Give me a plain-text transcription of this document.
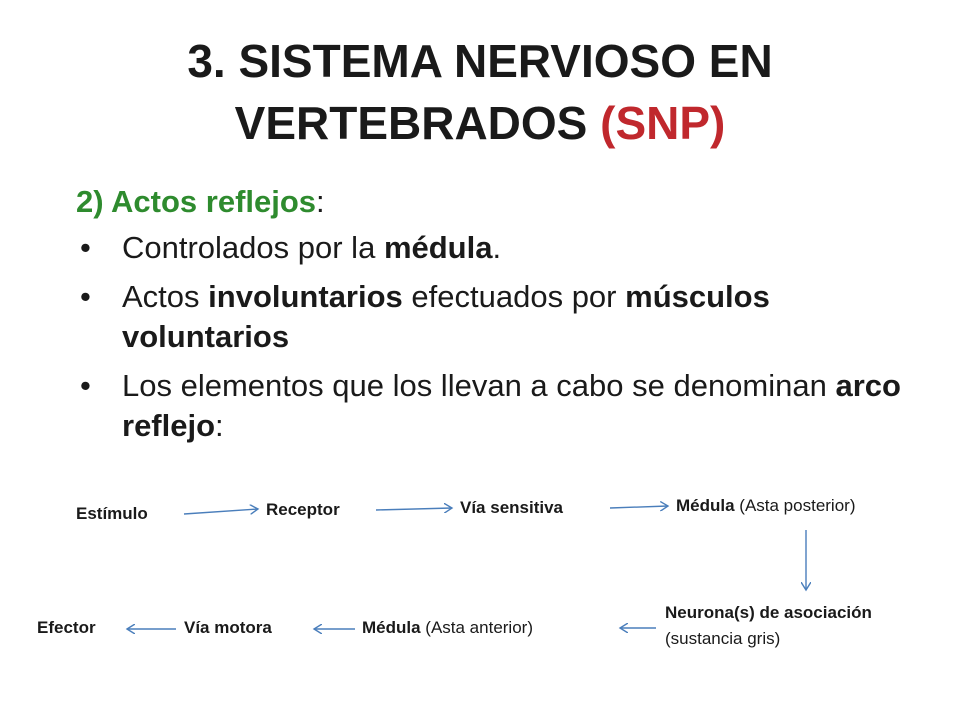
3. SISTEMA NERVIOSO EN
VERTEBRADOS (SNP)
2) Actos reflejos:
• Controlados por la médula.
• Actos involuntarios efectuados por músculos voluntarios
• Los elementos que los llevan a cabo se denominan arco reflejo:
Estímulo	Receptor	Vía sensitiva	Médula (Asta posterior)
Neurona(s) de asociación
(sustancia gris)
Médula (Asta anterior)
Vía motora
Efector
